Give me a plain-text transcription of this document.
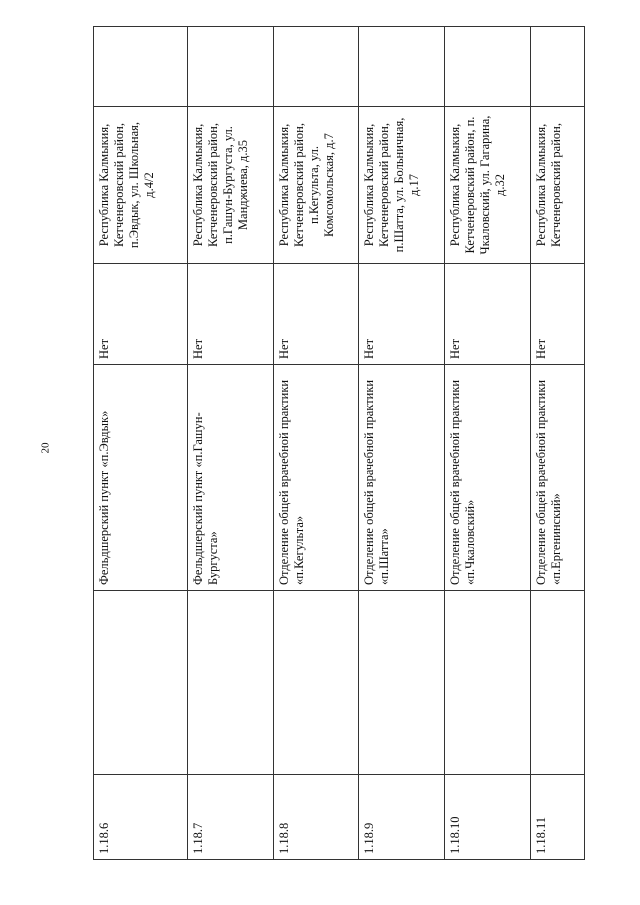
20
1.18.6		Фельдшерский пункт «п.Эвдык»	Нет	Республика Калмыкия, Кетченеровский район, п.Эвдык, ул. Школьная, д.4/2	
1.18.7		Фельдшерский пункт «п.Гашун-Бургуста»	Нет	Республика Калмыкия, Кетченеровский район, п.Гашун-Бургуста, ул. Манджиева, д.35	
1.18.8		Отделение общей врачебной практики «п.Кегульта»	Нет	Республика Калмыкия, Кетченеровский район, п.Кегульта, ул. Комсомольская, д.7	
1.18.9		Отделение общей врачебной практики «п.Шатта»	Нет	Республика Калмыкия, Кетченеровский район, п.Шатта, ул. Больничная, д.17	
1.18.10		Отделение общей врачебной практики «п.Чкаловский»	Нет	Республика Калмыкия, Кетченеровский район, п. Чкаловский, ул. Гагарина, д.32	
1.18.11		Отделение общей врачебной практики «п.Ергенинский»	Нет	Республика Калмыкия, Кетченеровский район,	
